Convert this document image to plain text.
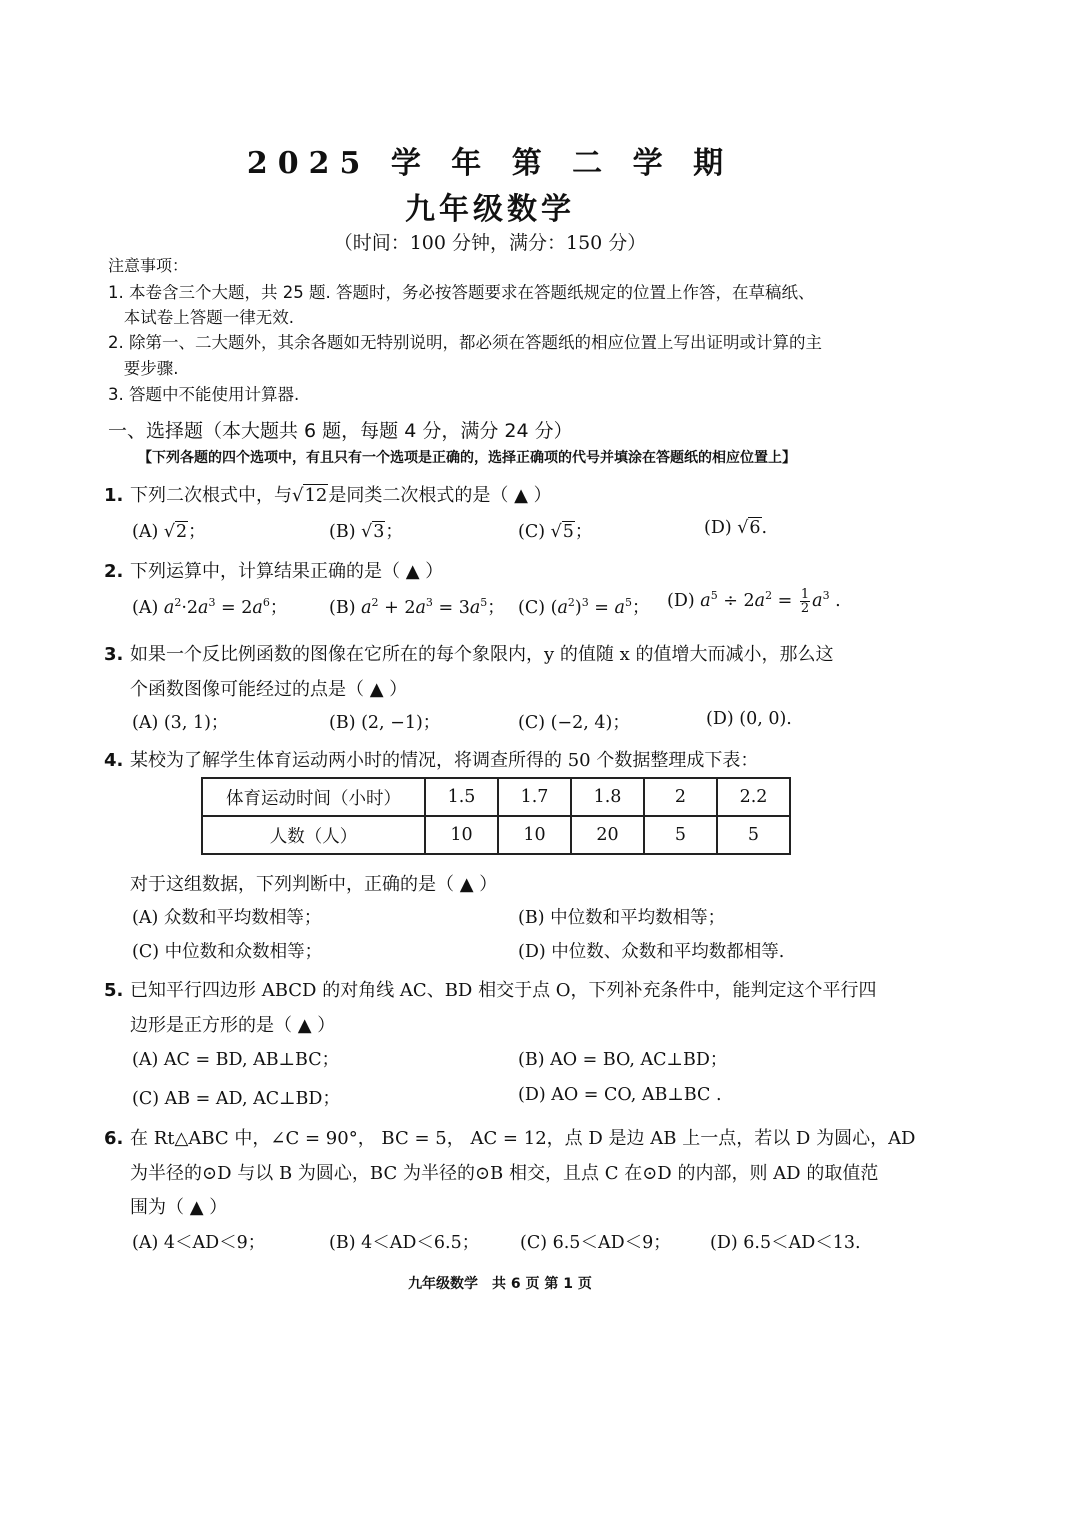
2025 学 年 第 二 学 期
九年级数学
（时间：100 分钟，满分：150 分）
注意事项：
1. 本卷含三个大题，共 25 题. 答题时，务必按答题要求在答题纸规定的位置上作答，在草稿纸、
本试卷上答题一律无效.
2. 除第一、二大题外，其余各题如无特别说明，都必须在答题纸的相应位置上写出证明或计算的主
要步骤.
3. 答题中不能使用计算器.
一、选择题（本大题共 6 题，每题 4 分，满分 24 分）
【下列各题的四个选项中，有且只有一个选项是正确的，选择正确项的代号并填涂在答题纸的相应位置上】
1. 下列二次根式中，与√12是同类二次根式的是（ ▲ ）
(A) √2；	(B) √3；	(C) √5；	(D) √6.
2. 下列运算中，计算结果正确的是（ ▲ ）
(A) $a^2\cdot 2a^3 = 2a^6$； (B) $a^2 + 2a^3 = 3a^5$； (C) $(a^2)^3 = a^5$； (D) $a^5 \div 2a^2 = \frac{1}{2} a^3$ .
3. 如果一个反比例函数的图像在它所在的每个象限内，y 的值随 x 的值增大而减小，那么这
个函数图像可能经过的点是（ ▲ ）
(A) (3, 1)；	(B) (2, −1)；	(C) (−2, 4)；	(D) (0, 0).
4. 某校为了解学生体育运动两小时的情况，将调查所得的 50 个数据整理成下表：
体育运动时间（小时）	1.5	1.7	1.8	2	2.2
人数（人）	10	10	20	5	5
对于这组数据，下列判断中，正确的是（ ▲ ）
(A) 众数和平均数相等；	(B) 中位数和平均数相等；
(C) 中位数和众数相等；	(D) 中位数、众数和平均数都相等.
5. 已知平行四边形 ABCD 的对角线 AC、BD 相交于点 O，下列补充条件中，能判定这个平行四
边形是正方形的是（ ▲ ）
(A) AC = BD, AB⊥BC；	(B) AO = BO, AC⊥BD；
(C) AB = AD, AC⊥BD；	(D) AO = CO, AB⊥BC .
6. 在 Rt△ABC 中，∠C = 90°， BC = 5， AC = 12，点 D 是边 AB 上一点，若以 D 为圆心，AD
为半径的⊙D 与以 B 为圆心，BC 为半径的⊙B 相交，且点 C 在⊙D 的内部，则 AD 的取值范
围为（ ▲ ）
(A) 4＜AD＜9；	(B) 4＜AD＜6.5； (C) 6.5＜AD＜9； (D) 6.5＜AD＜13.
九年级数学　共 6 页 第 1 页
